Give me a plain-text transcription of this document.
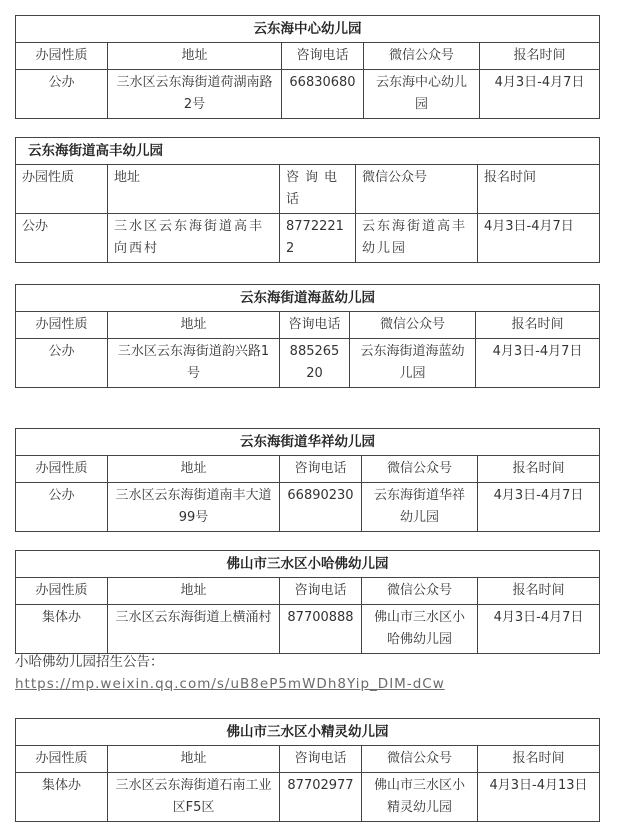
云东海中心幼儿园				
办园性质	地址	咨询电话	微信公众号	报名时间
公办	三水区云东海街道荷湖南路2号	66830680	云东海中心幼儿园	4月3日-4月7日
云东海街道高丰幼儿园				
办园性质	地址	咨询电话	微信公众号	报名时间
公办	三水区云东海街道高丰向西村	87722212	云东海街道高丰幼儿园	4月3日-4月7日
云东海街道海蓝幼儿园				
办园性质	地址	咨询电话	微信公众号	报名时间
公办	三水区云东海街道韵兴路1号	88526520	云东海街道海蓝幼儿园	4月3日-4月7日
云东海街道华祥幼儿园				
办园性质	地址	咨询电话	微信公众号	报名时间
公办	三水区云东海街道南丰大道99号	66890230	云东海街道华祥幼儿园	4月3日-4月7日
佛山市三水区小哈佛幼儿园				
办园性质	地址	咨询电话	微信公众号	报名时间
集体办	三水区云东海街道上横涌村	87700888	佛山市三水区小哈佛幼儿园	4月3日-4月7日
小哈佛幼儿园招生公告：
https://mp.weixin.qq.com/s/uB8eP5mWDh8Yip_DIM-dCw
佛山市三水区小精灵幼儿园				
办园性质	地址	咨询电话	微信公众号	报名时间
集体办	三水区云东海街道石南工业区F5区	87702977	佛山市三水区小精灵幼儿园	4月3日-4月13日
